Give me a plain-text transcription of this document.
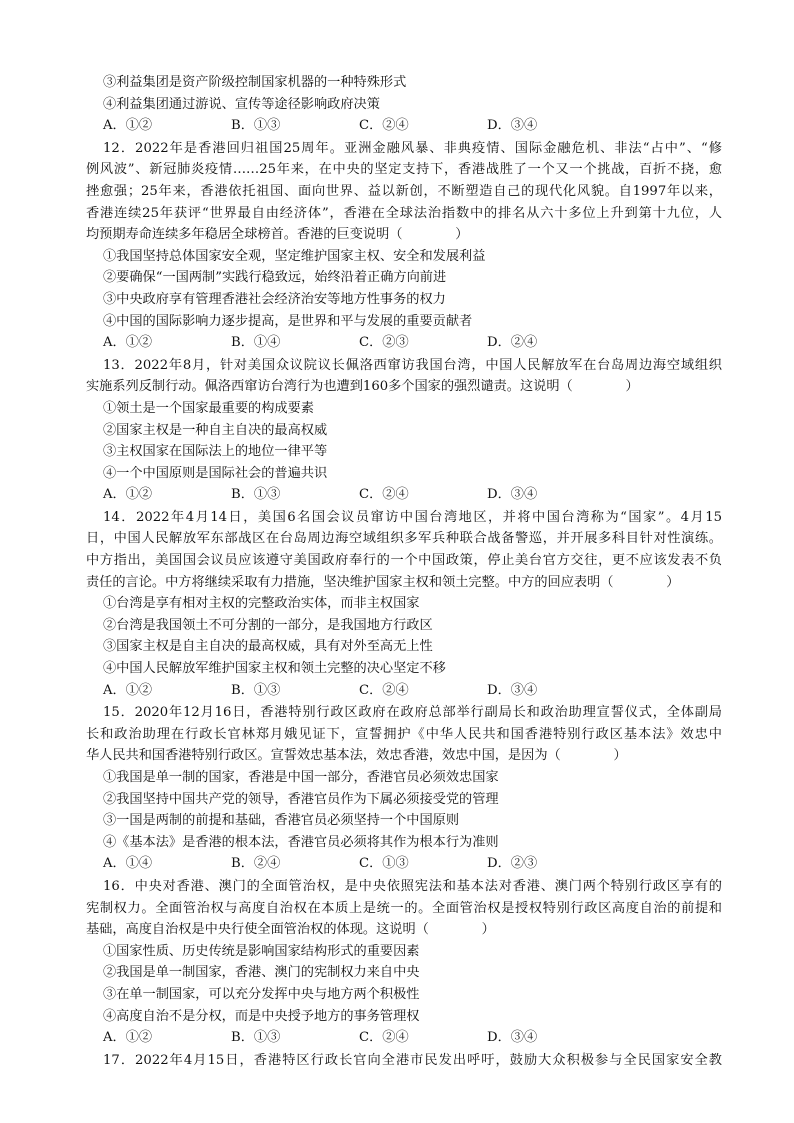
③利益集团是资产阶级控制国家机器的一种特殊形式
④利益集团通过游说、宣传等途径影响政府决策
A．①②	B．①③	C．②④	D．③④
12．2022年是香港回归祖国25周年。亚洲金融风暴、非典疫情、国际金融危机、非法“占中”、“修
例风波”、新冠肺炎疫情……25年来，在中央的坚定支持下，香港战胜了一个又一个挑战，百折不挠，愈
挫愈强；25年来，香港依托祖国、面向世界、益以新创，不断塑造自己的现代化风貌。自1997年以来，
香港连续25年获评“世界最自由经济体”，香港在全球法治指数中的排名从六十多位上升到第十九位，人
均预期寿命连续多年稳居全球榜首。香港的巨变说明（　　　　）
①我国坚持总体国家安全观，坚定维护国家主权、安全和发展利益
②要确保“一国两制”实践行稳致远，始终沿着正确方向前进
③中央政府享有管理香港社会经济治安等地方性事务的权力
④中国的国际影响力逐步提高，是世界和平与发展的重要贡献者
A．①②	B．①④	C．②③	D．②④
13．2022年8月，针对美国众议院议长佩洛西窜访我国台湾，中国人民解放军在台岛周边海空域组织
实施系列反制行动。佩洛西窜访台湾行为也遭到160多个国家的强烈谴责。这说明（　　　　）
①领土是一个国家最重要的构成要素
②国家主权是一种自主自决的最高权威
③主权国家在国际法上的地位一律平等
④一个中国原则是国际社会的普遍共识
A．①②	B．①③	C．②④	D．③④
14．2022年4月14日，美国6名国会议员窜访中国台湾地区，并将中国台湾称为“国家”。4月15
日，中国人民解放军东部战区在台岛周边海空域组织多军兵种联合战备警巡，并开展多科目针对性演练。
中方指出，美国国会议员应该遵守美国政府奉行的一个中国政策，停止美台官方交往，更不应该发表不负
责任的言论。中方将继续采取有力措施，坚决维护国家主权和领土完整。中方的回应表明（　　　　）
①台湾是享有相对主权的完整政治实体，而非主权国家
②台湾是我国领土不可分割的一部分，是我国地方行政区
③国家主权是自主自决的最高权威，具有对外至高无上性
④中国人民解放军维护国家主权和领土完整的决心坚定不移
A．①②	B．①③	C．②④	D．③④
15．2020年12月16日，香港特别行政区政府在政府总部举行副局长和政治助理宣誓仪式，全体副局
长和政治助理在行政长官林郑月娥见证下，宣誓拥护《中华人民共和国香港特别行政区基本法》效忠中
华人民共和国香港特别行政区。宣誓效忠基本法，效忠香港，效忠中国，是因为（　　　　）
①我国是单一制的国家，香港是中国一部分，香港官员必须效忠国家
②我国坚持中国共产党的领导，香港官员作为下属必须接受党的管理
③一国是两制的前提和基础，香港官员必须坚持一个中国原则
④《基本法》是香港的根本法，香港官员必须将其作为根本行为准则
A．①④	B．②④	C．①③	D．②③
16．中央对香港、澳门的全面管治权，是中央依照宪法和基本法对香港、澳门两个特别行政区享有的
宪制权力。全面管治权与高度自治权在本质上是统一的。全面管治权是授权特别行政区高度自治的前提和
基础，高度自治权是中央行使全面管治权的体现。这说明（　　　　）
①国家性质、历史传统是影响国家结构形式的重要因素
②我国是单一制国家，香港、澳门的宪制权力来自中央
③在单一制国家，可以充分发挥中央与地方两个积极性
④高度自治不是分权，而是中央授予地方的事务管理权
A．①②	B．①③	C．②④	D．③④
17．2022年4月15日，香港特区行政长官向全港市民发出呼吁，鼓励大众积极参与全民国家安全教
